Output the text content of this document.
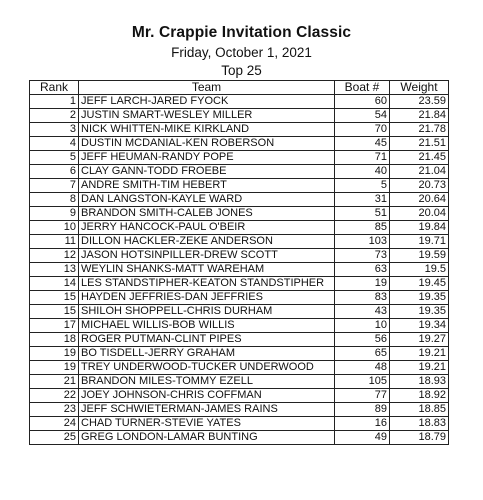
Mr. Crappie Invitation Classic
Friday, October 1, 2021
Top 25
Rank	Team	Boat #	Weight
1	JEFF LARCH-JARED FYOCK	60	23.59
2	JUSTIN SMART-WESLEY MILLER	54	21.84
3	NICK WHITTEN-MIKE KIRKLAND	70	21.78
4	DUSTIN MCDANIAL-KEN ROBERSON	45	21.51
5	JEFF HEUMAN-RANDY POPE	71	21.45
6	CLAY GANN-TODD FROEBE	40	21.04
7	ANDRE SMITH-TIM HEBERT	5	20.73
8	DAN LANGSTON-KAYLE WARD	31	20.64
9	BRANDON SMITH-CALEB JONES	51	20.04
10	JERRY HANCOCK-PAUL O'BEIR	85	19.84
11	DILLON HACKLER-ZEKE ANDERSON	103	19.71
12	JASON HOTSINPILLER-DREW SCOTT	73	19.59
13	WEYLIN SHANKS-MATT WAREHAM	63	19.5
14	LES STANDSTIPHER-KEATON STANDSTIPHER	19	19.45
15	HAYDEN JEFFRIES-DAN JEFFRIES	83	19.35
15	SHILOH SHOPPELL-CHRIS DURHAM	43	19.35
17	MICHAEL WILLIS-BOB WILLIS	10	19.34
18	ROGER PUTMAN-CLINT PIPES	56	19.27
19	BO TISDELL-JERRY GRAHAM	65	19.21
19	TREY UNDERWOOD-TUCKER UNDERWOOD	48	19.21
21	BRANDON MILES-TOMMY EZELL	105	18.93
22	JOEY JOHNSON-CHRIS COFFMAN	77	18.92
23	JEFF SCHWIETERMAN-JAMES RAINS	89	18.85
24	CHAD TURNER-STEVIE YATES	16	18.83
25	GREG LONDON-LAMAR BUNTING	49	18.79
